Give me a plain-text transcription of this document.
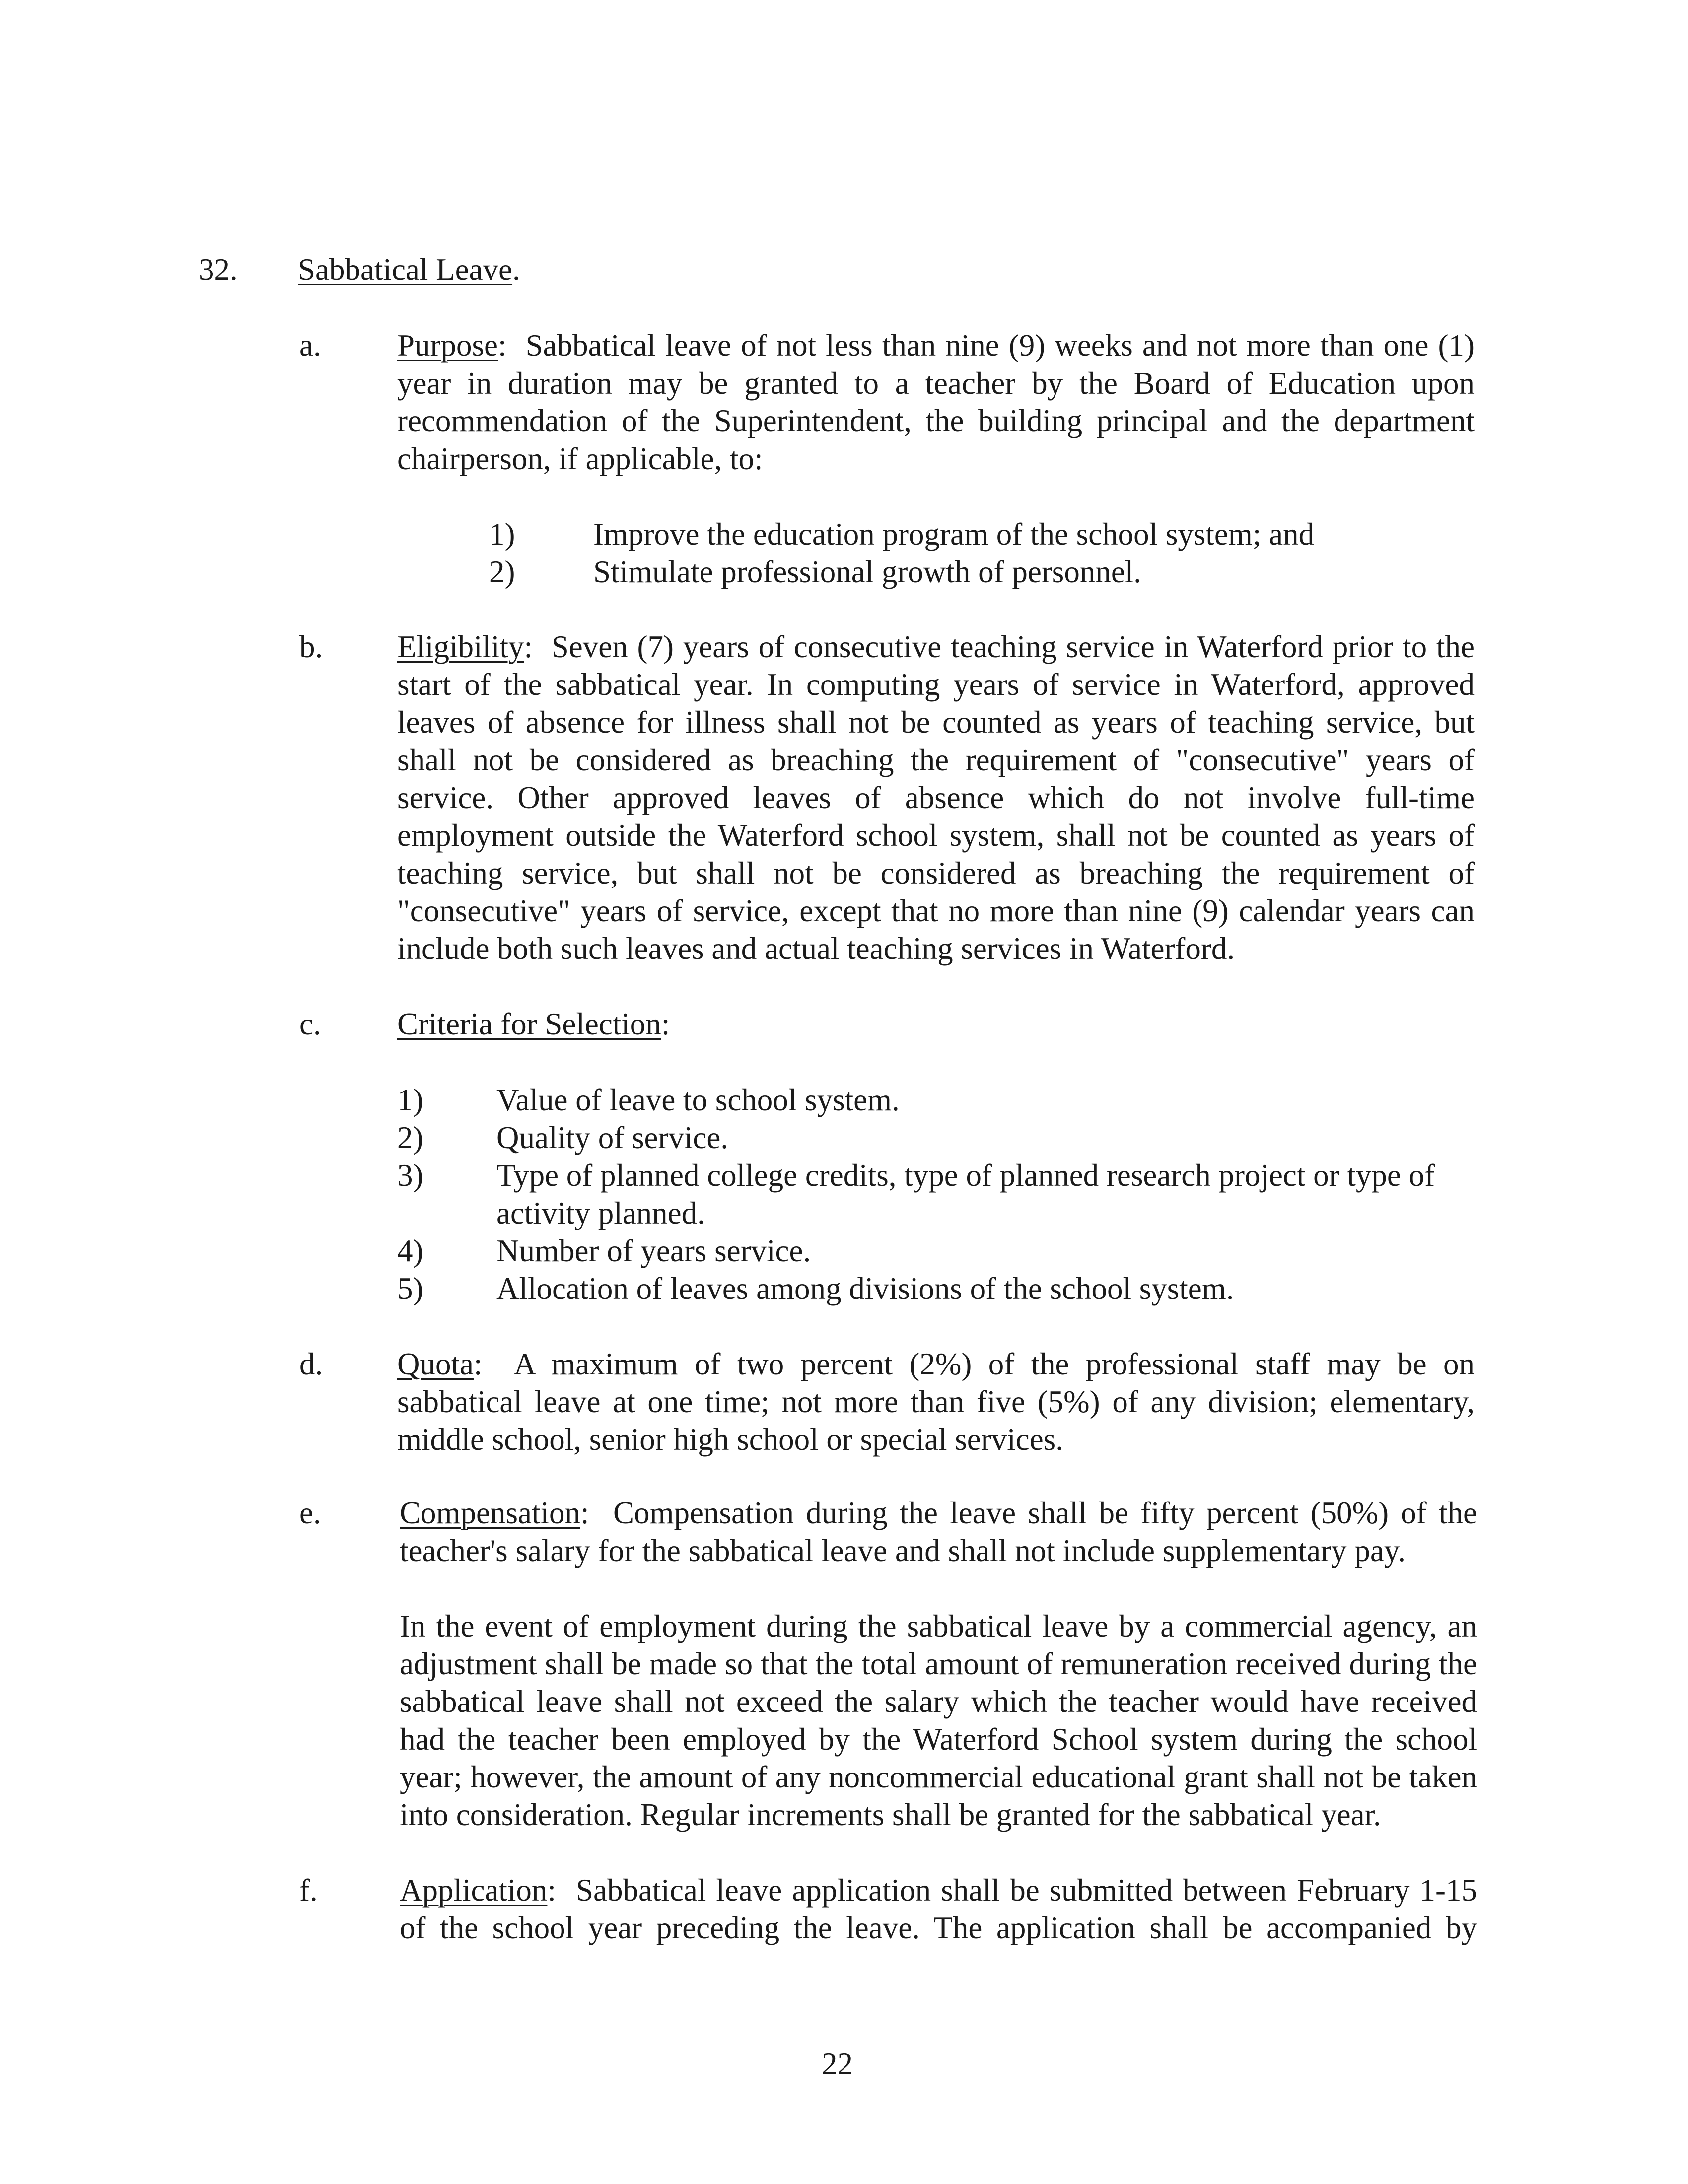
32. Sabbatical Leave.
a. Purpose:  Sabbatical leave of not less than nine (9) weeks and not more than one (1) year in duration may be granted to a teacher by the Board of Education upon recommendation of the Superintendent, the building principal and the department chairperson, if applicable, to:
1)	Improve the education program of the school system; and
2)	Stimulate professional growth of personnel.
b. Eligibility:  Seven (7) years of consecutive teaching service in Waterford prior to the start of the sabbatical year. In computing years of service in Waterford, approved leaves of absence for illness shall not be counted as years of teaching service, but shall not be considered as breaching the requirement of "consecutive" years of service. Other approved leaves of absence which do not involve full-time employment outside the Waterford school system, shall not be counted as years of teaching service, but shall not be considered as breaching the requirement of "consecutive" years of service, except that no more than nine (9) calendar years can include both such leaves and actual teaching services in Waterford.
c. Criteria for Selection:
1) Value of leave to school system.
2) Quality of service.
3) Type of planned college credits, type of planned research project or type of activity planned.
4) Number of years service.
5) Allocation of leaves among divisions of the school system.
d. Quota:  A maximum of two percent (2%) of the professional staff may be on sabbatical leave at one time; not more than five (5%) of any division; elementary, middle school, senior high school or special services.
e.	Compensation:  Compensation during the leave shall be fifty percent (50%) of the teacher's salary for the sabbatical leave and shall not include supplementary pay.
In the event of employment during the sabbatical leave by a commercial agency, an adjustment shall be made so that the total amount of remuneration received during the sabbatical leave shall not exceed the salary which the teacher would have received had the teacher been employed by the Waterford School system during the school year; however, the amount of any noncommercial educational grant shall not be taken into consideration. Regular increments shall be granted for the sabbatical year.
f.	Application:  Sabbatical leave application shall be submitted between February 1-15 of the school year preceding the leave. The application shall be accompanied by
22
